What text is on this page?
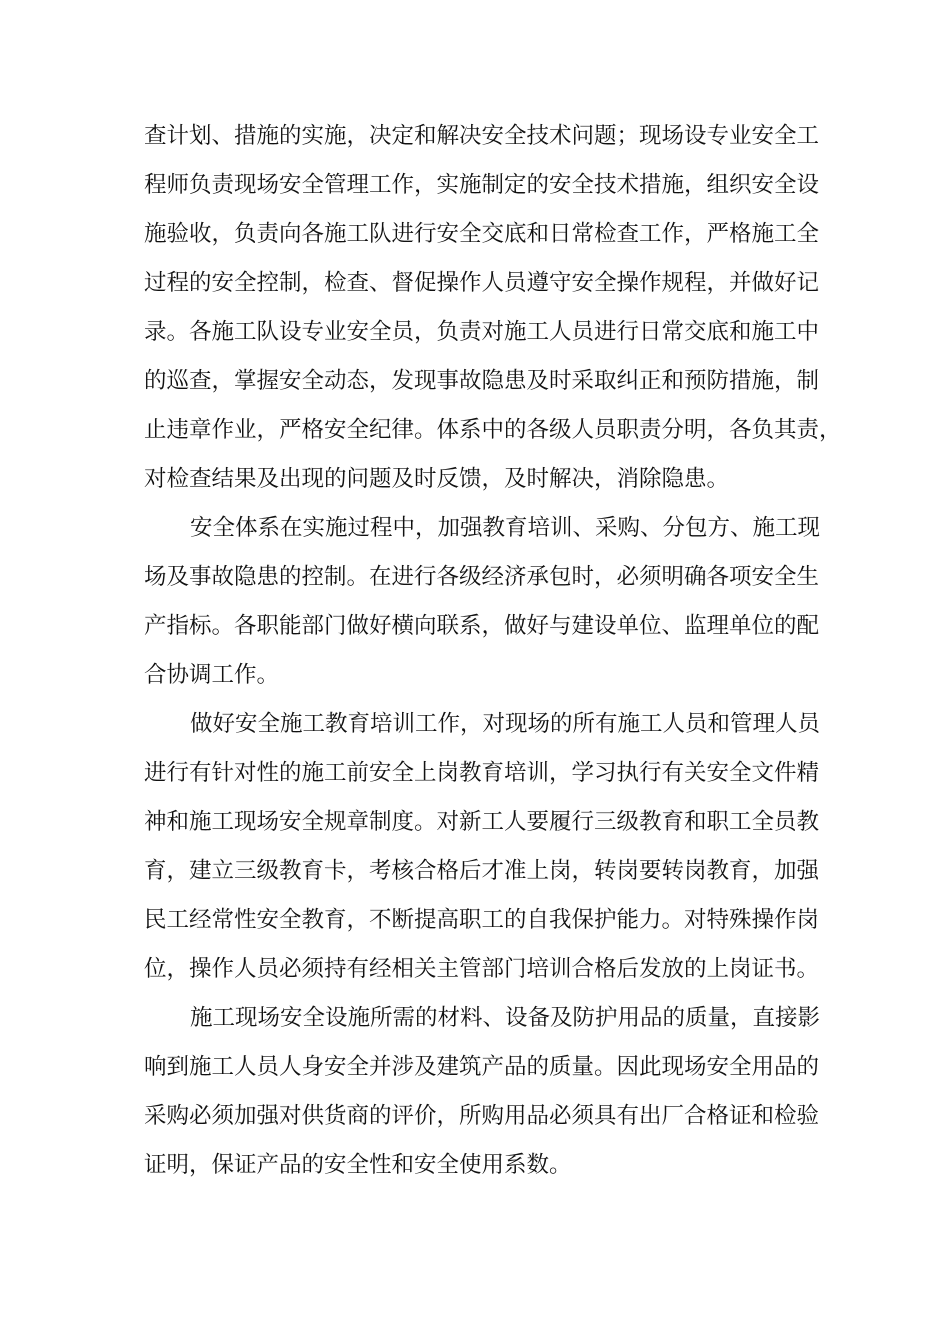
查计划、措施的实施，决定和解决安全技术问题；现场设专业安全工
程师负责现场安全管理工作，实施制定的安全技术措施，组织安全设
施验收，负责向各施工队进行安全交底和日常检查工作，严格施工全
过程的安全控制，检查、督促操作人员遵守安全操作规程，并做好记
录。各施工队设专业安全员，负责对施工人员进行日常交底和施工中
的巡查，掌握安全动态，发现事故隐患及时采取纠正和预防措施，制
止违章作业，严格安全纪律。体系中的各级人员职责分明，各负其责，
对检查结果及出现的问题及时反馈，及时解决，消除隐患。
安全体系在实施过程中，加强教育培训、采购、分包方、施工现
场及事故隐患的控制。在进行各级经济承包时，必须明确各项安全生
产指标。各职能部门做好横向联系，做好与建设单位、监理单位的配
合协调工作。
做好安全施工教育培训工作，对现场的所有施工人员和管理人员
进行有针对性的施工前安全上岗教育培训，学习执行有关安全文件精
神和施工现场安全规章制度。对新工人要履行三级教育和职工全员教
育，建立三级教育卡，考核合格后才准上岗，转岗要转岗教育，加强
民工经常性安全教育，不断提高职工的自我保护能力。对特殊操作岗
位，操作人员必须持有经相关主管部门培训合格后发放的上岗证书。
施工现场安全设施所需的材料、设备及防护用品的质量，直接影
响到施工人员人身安全并涉及建筑产品的质量。因此现场安全用品的
采购必须加强对供货商的评价，所购用品必须具有出厂合格证和检验
证明，保证产品的安全性和安全使用系数。
